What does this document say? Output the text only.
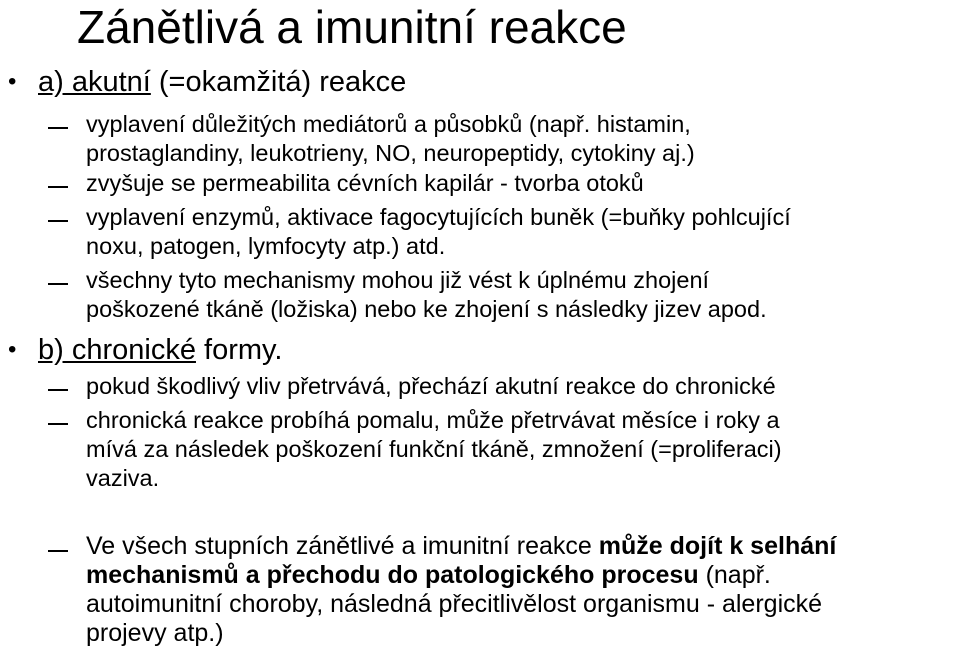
Zánětlivá a imunitní reakce
• a) akutní (=okamžitá) reakce
vyplavení důležitých mediátorů a působků (např. histamin,
prostaglandiny, leukotrieny, NO, neuropeptidy, cytokiny aj.)
zvyšuje se permeabilita cévních kapilár - tvorba otoků
vyplavení enzymů, aktivace fagocytujících buněk (=buňky pohlcující
noxu, patogen, lymfocyty atp.) atd.
všechny tyto mechanismy mohou již vést k úplnému zhojení
poškozené tkáně (ložiska) nebo ke zhojení s následky jizev apod.
• b) chronické formy.
pokud škodlivý vliv přetrvává, přechází akutní reakce do chronické
chronická reakce probíhá pomalu, může přetrvávat měsíce i roky a
mívá za následek poškození funkční tkáně, zmnožení (=proliferaci)
vaziva.
Ve všech stupních zánětlivé a imunitní reakce může dojít k selhání
mechanismů a přechodu do patologického procesu (např.
autoimunitní choroby, následná přecitlivělost organismu - alergické
projevy atp.)
